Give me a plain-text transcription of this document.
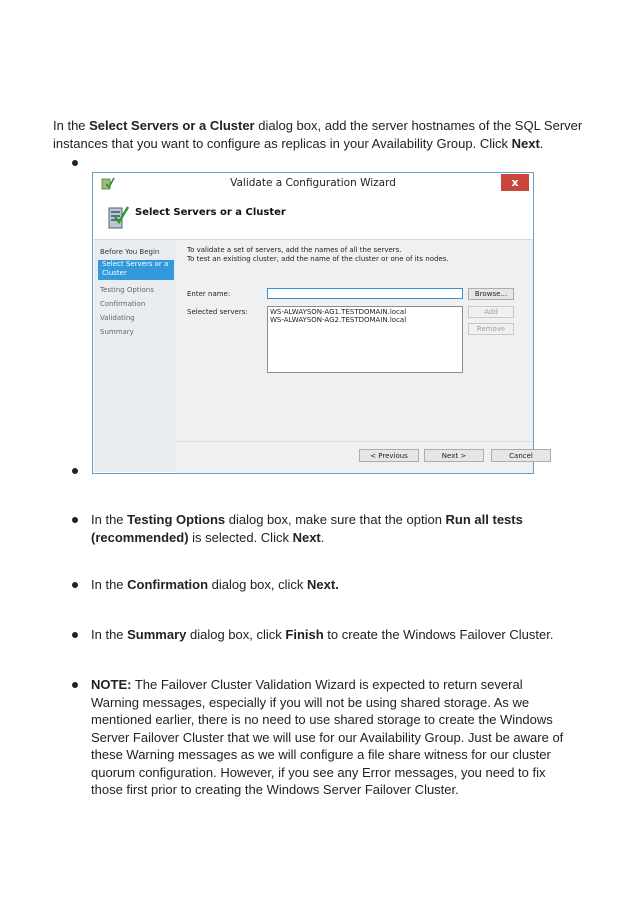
In the Select Servers or a Cluster dialog box, add the server hostnames of the SQL Server instances that you want to configure as replicas in your Availability Group. Click Next.
Validate a Configuration Wizard	x
Select Servers or a Cluster
Before You Begin
Select Servers or a Cluster
Testing Options
Confirmation
Validating
Summary
To validate a set of servers, add the names of all the servers.
To test an existing cluster, add the name of the cluster or one of its nodes.
Enter name:	Browse...
Selected servers:	WS-ALWAYSON-AG1.TESTDOMAIN.local
WS-ALWAYSON-AG2.TESTDOMAIN.local
Add
Remove
< Previous	Next >	Cancel
In the Testing Options dialog box, make sure that the option Run all tests (recommended) is selected. Click Next.
In the Confirmation dialog box, click Next.
In the Summary dialog box, click Finish to create the Windows Failover Cluster.
NOTE: The Failover Cluster Validation Wizard is expected to return several Warning messages, especially if you will not be using shared storage. As we mentioned earlier, there is no need to use shared storage to create the Windows Server Failover Cluster that we will use for our Availability Group. Just be aware of these Warning messages as we will configure a file share witness for our cluster quorum configuration. However, if you see any Error messages, you need to fix those first prior to creating the Windows Server Failover Cluster.
